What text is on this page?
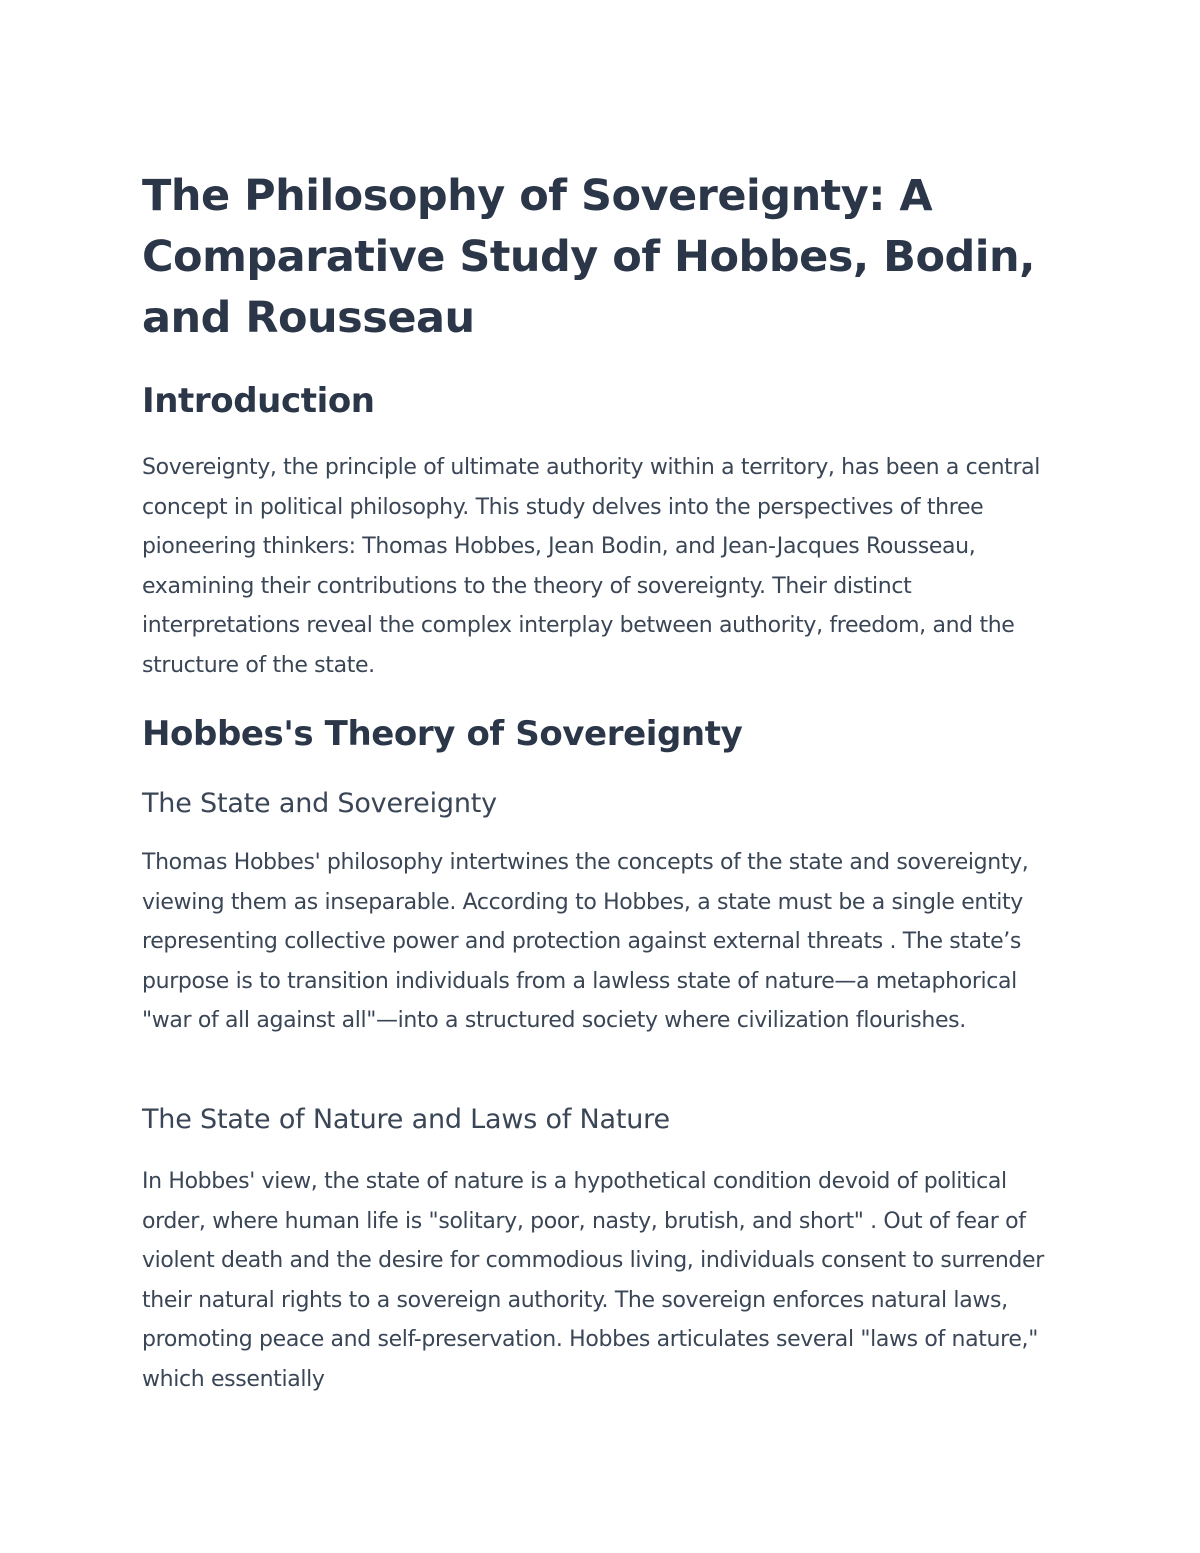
The Philosophy of Sovereignty: A Comparative Study of Hobbes, Bodin, and Rousseau
Introduction

Sovereignty, the principle of ultimate authority within a territory, has been a central concept in political philosophy. This study delves into the perspectives of three pioneering thinkers: Thomas Hobbes, Jean Bodin, and Jean-Jacques Rousseau, examining their contributions to the theory of sovereignty. Their distinct interpretations reveal the complex interplay between authority, freedom, and the structure of the state.

Hobbes's Theory of Sovereignty
The State and Sovereignty

Thomas Hobbes' philosophy intertwines the concepts of the state and sovereignty, viewing them as inseparable. According to Hobbes, a state must be a single entity representing collective power and protection against external threats . The state’s purpose is to transition individuals from a lawless state of nature—a metaphorical "war of all against all"—into a structured society where civilization flourishes.

The State of Nature and Laws of Nature

In Hobbes' view, the state of nature is a hypothetical condition devoid of political order, where human life is "solitary, poor, nasty, brutish, and short" . Out of fear of violent death and the desire for commodious living, individuals consent to surrender their natural rights to a sovereign authority. The sovereign enforces natural laws, promoting peace and self-preservation. Hobbes articulates several "laws of nature," which essentially
